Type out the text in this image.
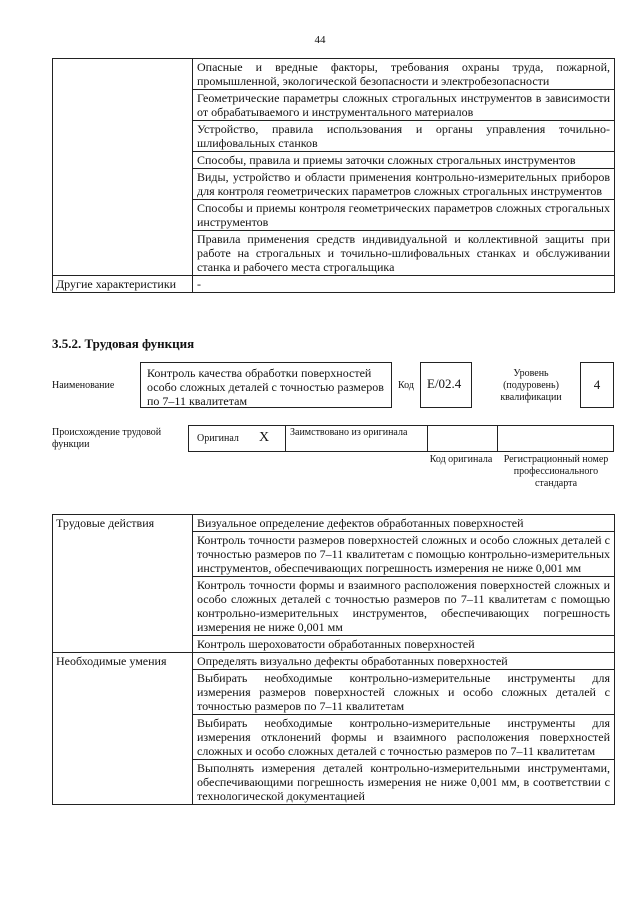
44
	Опасные и вредные факторы, требования охраны труда, пожарной, промышленной, экологической безопасности и электробезопасности
	Геометрические параметры сложных строгальных инструментов в зависимости от обрабатываемого и инструментального материалов
	Устройство, правила использования и органы управления точильно-шлифовальных станков
	Способы, правила и приемы заточки сложных строгальных инструментов
	Виды, устройство и области применения контрольно-измерительных приборов для контроля геометрических параметров сложных строгальных инструментов
	Способы и приемы контроля геометрических параметров сложных строгальных инструментов
	Правила применения средств индивидуальной и коллективной защиты при работе на строгальных и точильно-шлифовальных станках и обслуживании станка и рабочего места строгальщика
Другие характеристики	-
3.5.2. Трудовая функция
Наименование
Контроль качества обработки поверхностей особо сложных деталей с точностью размеров по 7–11 квалитетам
Код	E/02.4
Уровень (подуровень) квалификации
4
Происхождение трудовой функции
Оригинал X Заимствовано из оригинала
Код оригинала	Регистрационный номер профессионального стандарта
Трудовые действия	Визуальное определение дефектов обработанных поверхностей
	Контроль точности размеров поверхностей сложных и особо сложных деталей с точностью размеров по 7–11 квалитетам с помощью контрольно-измерительных инструментов, обеспечивающих погрешность измерения не ниже 0,001 мм
	Контроль точности формы и взаимного расположения поверхностей сложных и особо сложных деталей с точностью размеров по 7–11 квалитетам с помощью контрольно-измерительных инструментов, обеспечивающих погрешность измерения не ниже 0,001 мм
	Контроль шероховатости обработанных поверхностей
Необходимые умения	Определять визуально дефекты обработанных поверхностей
	Выбирать необходимые контрольно-измерительные инструменты для измерения размеров поверхностей сложных и особо сложных деталей с точностью размеров по 7–11 квалитетам
	Выбирать необходимые контрольно-измерительные инструменты для измерения отклонений формы и взаимного расположения поверхностей сложных и особо сложных деталей с точностью размеров по 7–11 квалитетам
	Выполнять измерения деталей контрольно-измерительными инструментами, обеспечивающими погрешность измерения не ниже 0,001 мм, в соответствии с технологической документацией
